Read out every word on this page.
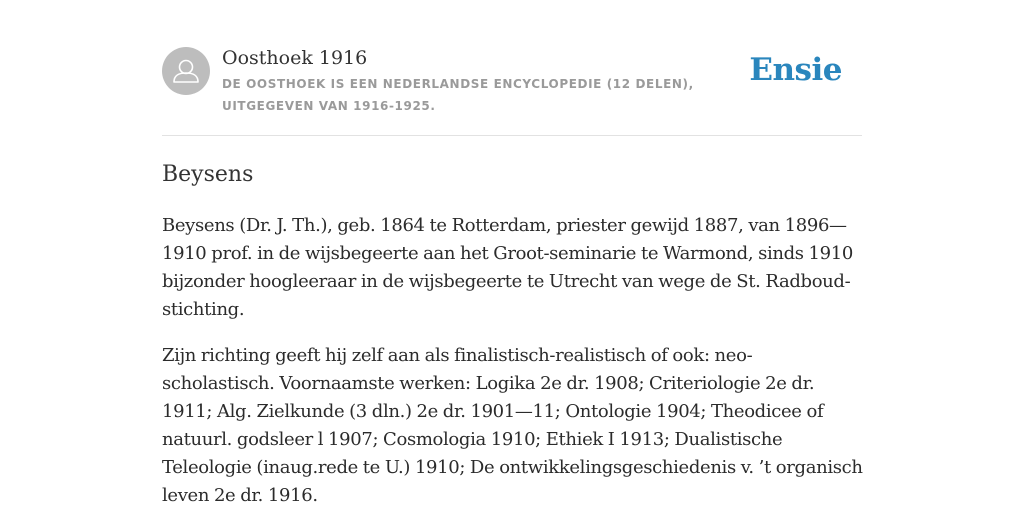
Oosthoek 1916
DE OOSTHOEK IS EEN NEDERLANDSE ENCYCLOPEDIE (12 DELEN), UITGEGEVEN VAN 1916-1925.
Ensie
Beysens

Beysens (Dr. J. Th.), geb. 1864 te Rotterdam, priester gewijd 1887, van 1896—1910 prof. in de wijsbegeerte aan het Groot-seminarie te Warmond, sinds 1910 bijzonder hoogleeraar in de wijsbegeerte te Utrecht van wege de St. Radboud-stichting.

Zijn richting geeft hij zelf aan als finalistisch-realistisch of ook: neo-scholastisch. Voornaamste werken: Logika 2e dr. 1908; Criteriologie 2e dr. 1911; Alg. Zielkunde (3 dln.) 2e dr. 1901—11; Ontologie 1904; Theodicee of natuurl. godsleer l 1907; Cosmologia 1910; Ethiek I 1913; Dualistische Teleologie (inaug.rede te U.) 1910; De ontwikkelingsgeschiedenis v. ’t organisch leven 2e dr. 1916.
